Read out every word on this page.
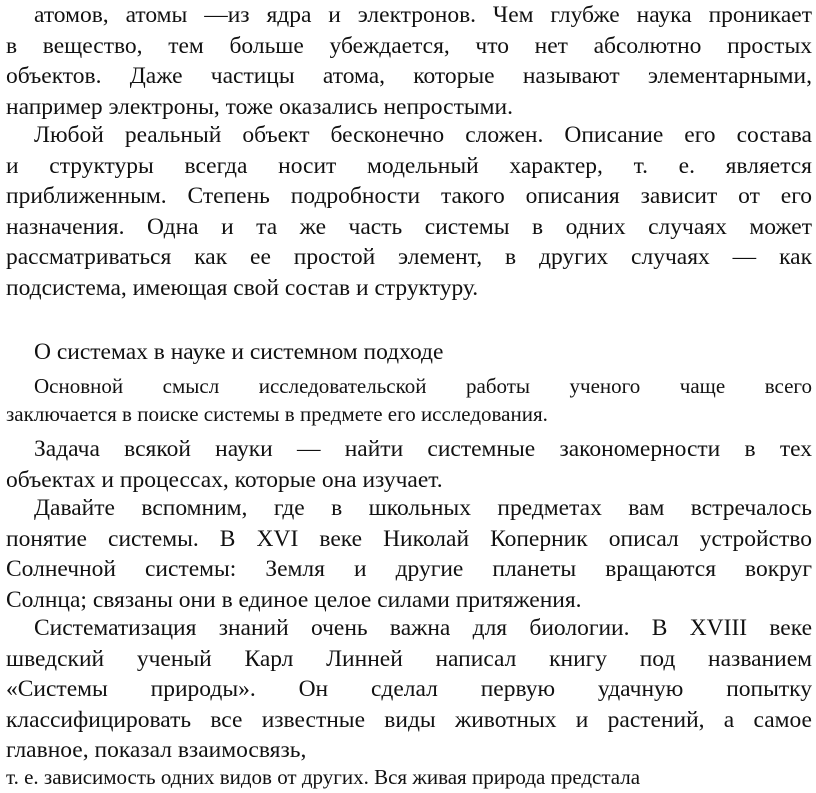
атомов, атомы —из ядра и электронов. Чем глубже наука проникает
в вещество, тем больше убеждается, что нет абсолютно простых
объектов. Даже частицы атома, которые называют элементарными,
например электроны, тоже оказались непростыми.
Любой реальный объект бесконечно сложен. Описание его состава
и структуры всегда носит модельный характер, т. е. является
приближенным. Степень подробности такого описания зависит от его
назначения. Одна и та же часть системы в одних случаях может
рассматриваться как ее простой элемент, в других случаях — как
подсистема, имеющая свой состав и структуру.
О системах в науке и системном подходе
Основной смысл исследовательской работы ученого чаще всего
заключается в поиске системы в предмете его исследования.
Задача всякой науки — найти системные закономерности в тех
объектах и процессах, которые она изучает.
Давайте вспомним, где в школьных предметах вам встречалось
понятие системы. В XVI веке Николай Коперник описал устройство
Солнечной системы: Земля и другие планеты вращаются вокруг
Солнца; связаны они в единое целое силами притяжения.
Систематизация знаний очень важна для биологии. В XVIII веке
шведский ученый Карл Линней написал книгу под названием
«Системы природы». Он сделал первую удачную попытку
классифицировать все известные виды животных и растений, а самое
главное, показал взаимосвязь,
т. е. зависимость одних видов от других. Вся живая природа предстала
